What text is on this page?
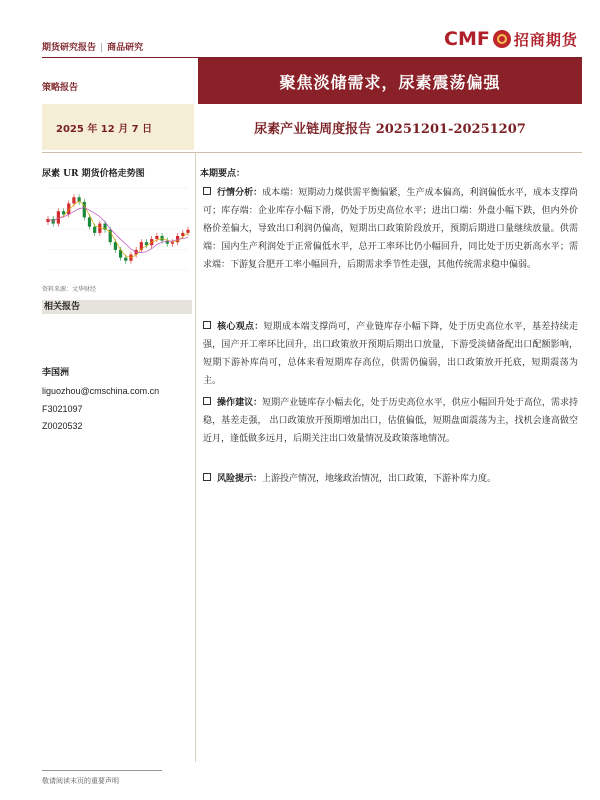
期货研究报告 | 商品研究	CMF 招商期货
策略报告	聚焦淡储需求，尿素震荡偏强
2025 年 12 月 7 日	尿素产业链周度报告 20251201-20251207
尿素 UR 期货价格走势图
资料来源：文华财经
相关报告
李国洲
liguozhou@cmschina.com.cn
F3021097
Z0020532
本期要点：
行情分析：成本端：短期动力煤供需平衡偏紧，生产成本偏高，利润偏低水平，成本支撑尚可；库存端：企业库存小幅下滑，仍处于历史高位水平；进出口端：外盘小幅下跌，但内外价格价差偏大，导致出口利润仍偏高，短期出口政策阶段放开，预期后期进口量继续放量。供需端：国内生产利润处于正常偏低水平，总开工率环比仍小幅回升，同比处于历史新高水平；需求端：下游复合肥开工率小幅回升，后期需求季节性走强，其他传统需求稳中偏弱。
核心观点：短期成本端支撑尚可，产业链库存小幅下降，处于历史高位水平，基差持续走强，国产开工率环比回升，出口政策放开预期后期出口放量，下游受淡储备配出口配额影响，短期下游补库尚可，总体来看短期库存高位，供需仍偏弱，出口政策放开托底，短期震荡为主。
操作建议：短期产业链库存小幅去化，处于历史高位水平，供应小幅回升处于高位，需求持稳，基差走强， 出口政策放开预期增加出口，估值偏低，短期盘面震荡为主，找机会逢高做空近月，逢低做多远月，后期关注出口效量情况及政策落地情况。
风险提示：上游投产情况，地缘政治情况，出口政策，下游补库力度。
敬请阅读末页的重要声明
